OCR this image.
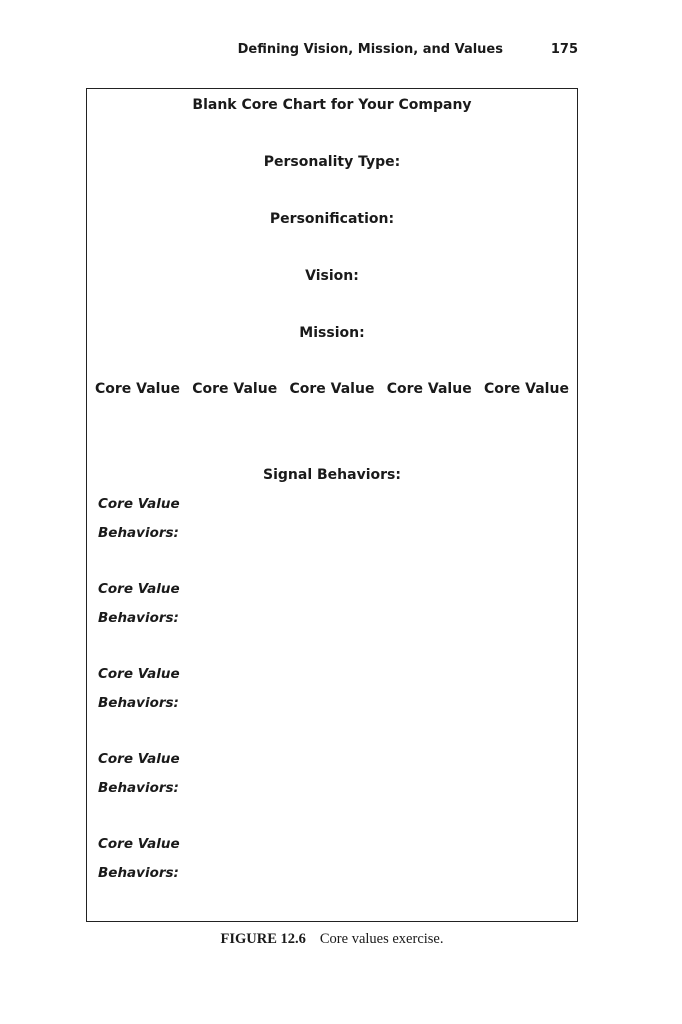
Defining Vision, Mission, and Values	175
Blank Core Chart for Your Company
Personality Type:
Personification:
Vision:
Mission:
Core Value Core Value Core Value Core Value Core Value
Signal Behaviors:
Core Value
Behaviors:
Core Value
Behaviors:
Core Value
Behaviors:
Core Value
Behaviors:
Core Value
Behaviors:
FIGURE 12.6 Core values exercise.
